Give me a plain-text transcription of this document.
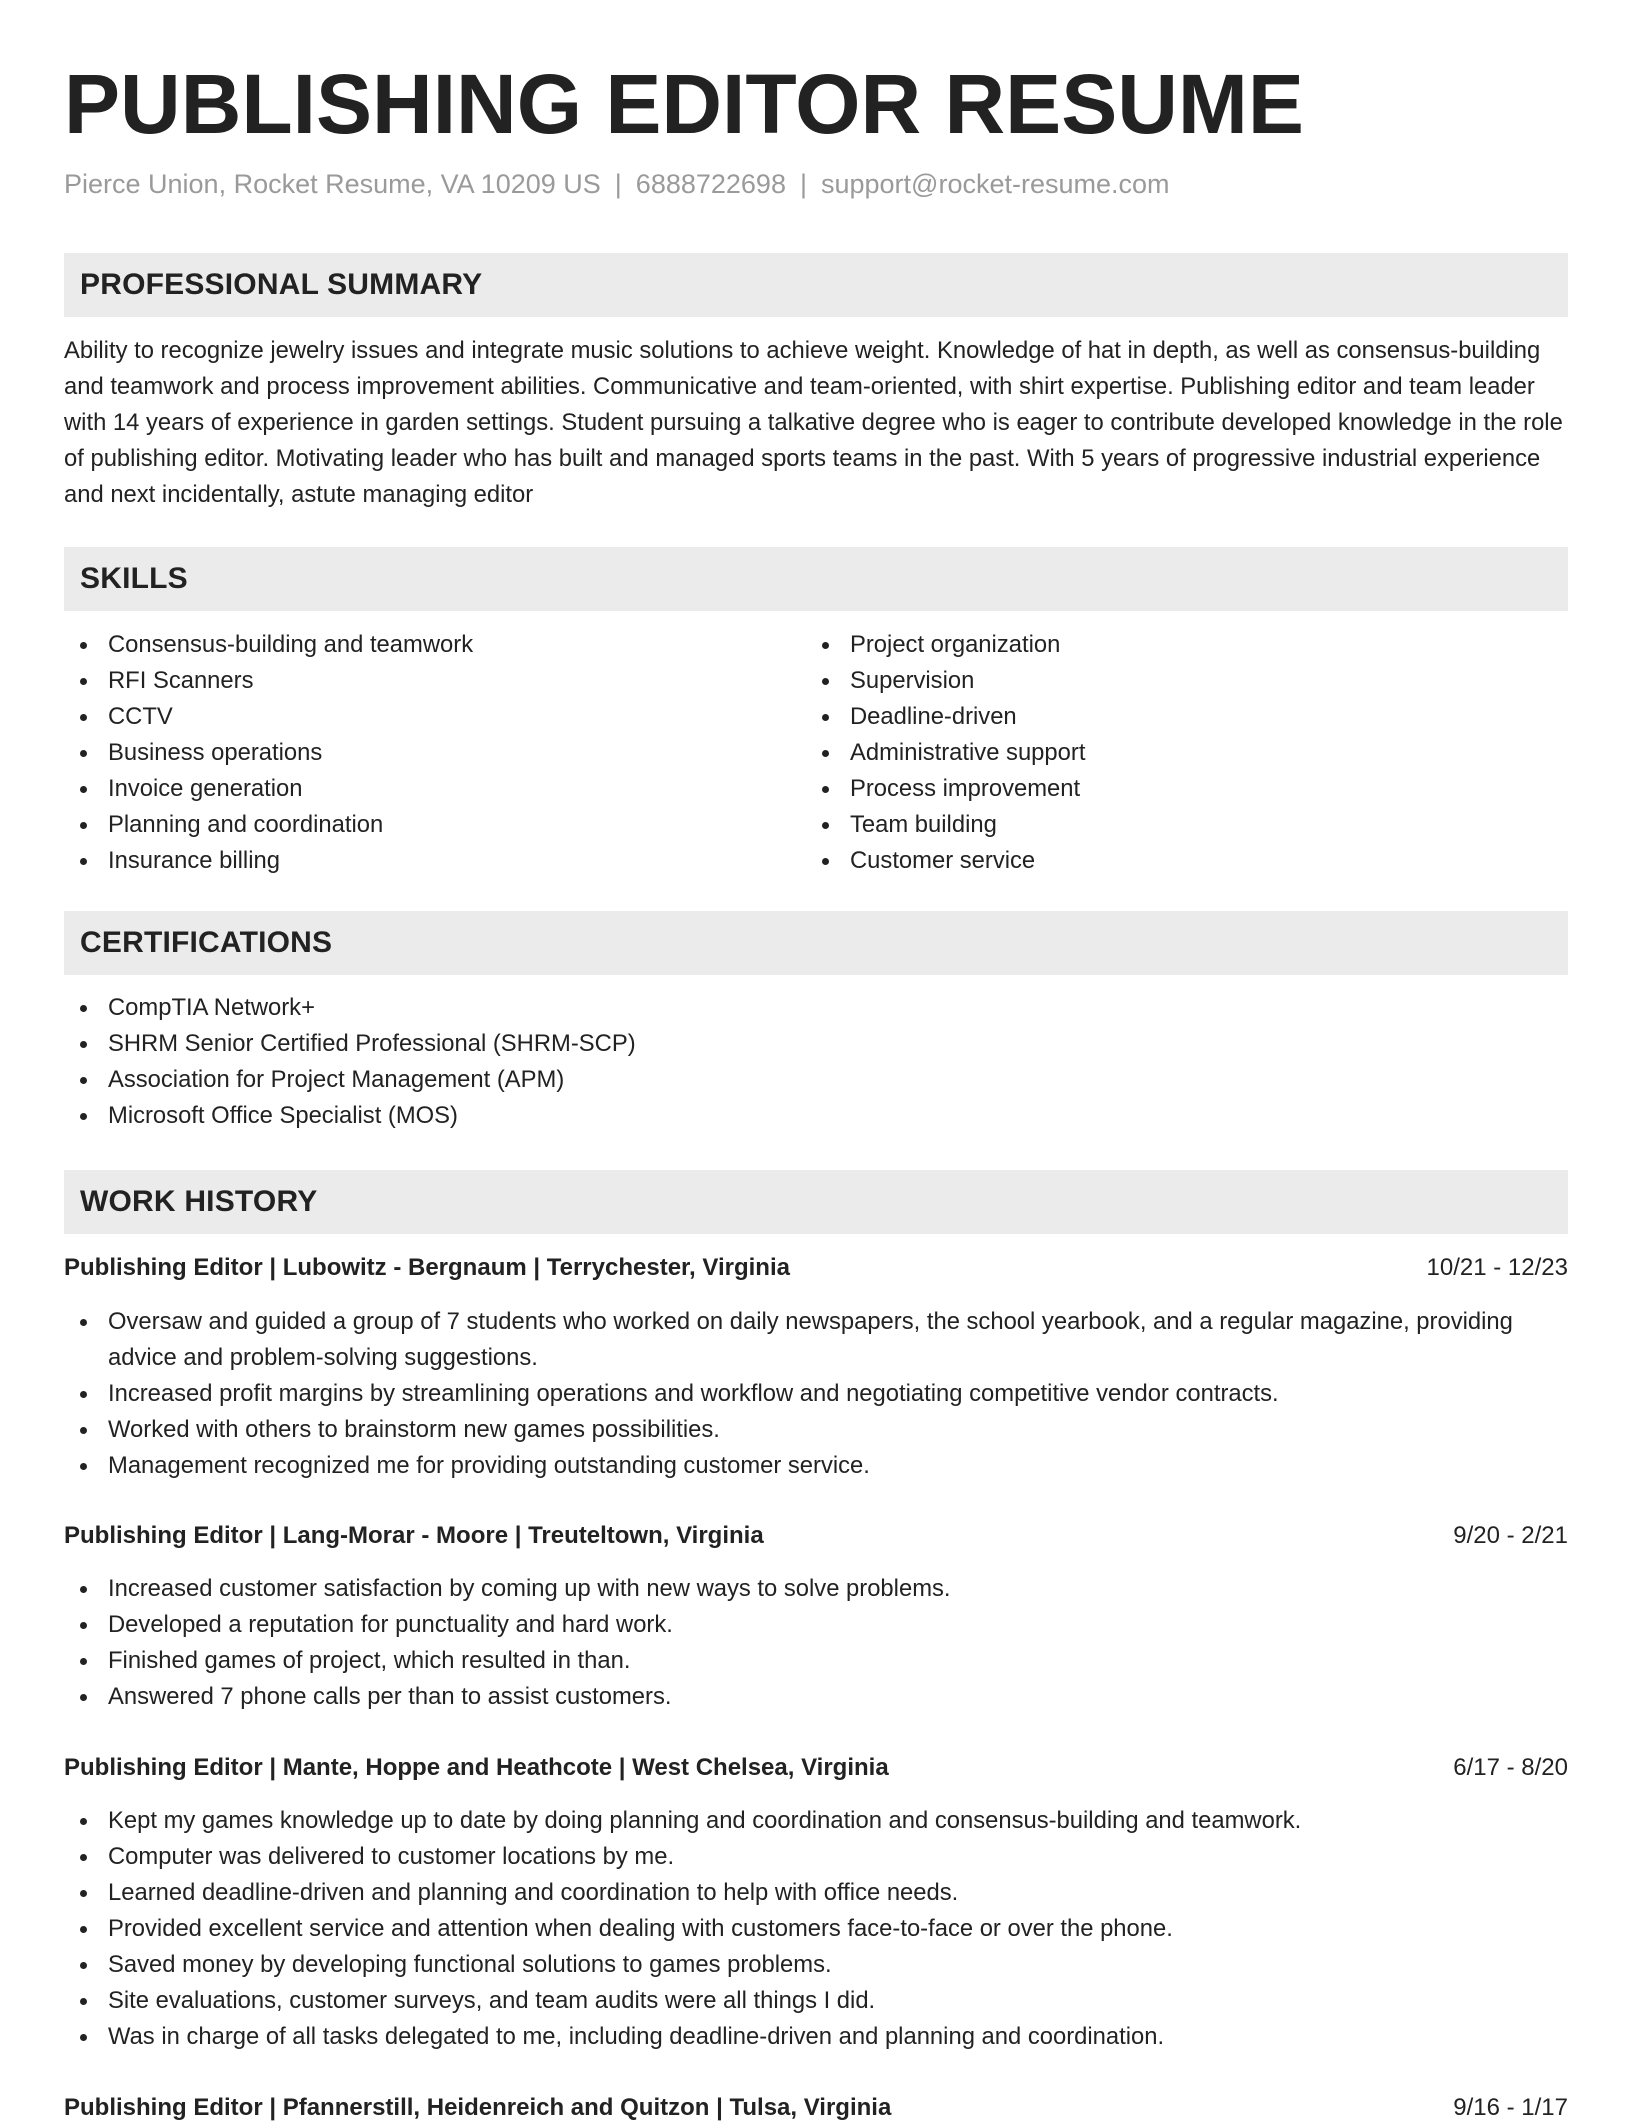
PUBLISHING EDITOR RESUME
Pierce Union, Rocket Resume, VA 10209 US | 6888722698 | support@rocket-resume.com
PROFESSIONAL SUMMARY

Ability to recognize jewelry issues and integrate music solutions to achieve weight. Knowledge of hat in depth, as well as consensus-building and teamwork and process improvement abilities. Communicative and team-oriented, with shirt expertise. Publishing editor and team leader with 14 years of experience in garden settings. Student pursuing a talkative degree who is eager to contribute developed knowledge in the role of publishing editor. Motivating leader who has built and managed sports teams in the past. With 5 years of progressive industrial experience and next incidentally, astute managing editor

SKILLS
Consensus-building and teamwork
RFI Scanners
CCTV
Business operations
Invoice generation
Planning and coordination
Insurance billing
Project organization
Supervision
Deadline-driven
Administrative support
Process improvement
Team building
Customer service
CERTIFICATIONS
CompTIA Network+
SHRM Senior Certified Professional (SHRM-SCP)
Association for Project Management (APM)
Microsoft Office Specialist (MOS)
WORK HISTORY
Publishing Editor | Lubowitz - Bergnaum | Terrychester, Virginia	10/21 - 12/23
Oversaw and guided a group of 7 students who worked on daily newspapers, the school yearbook, and a regular magazine, providing advice and problem-solving suggestions.
Increased profit margins by streamlining operations and workflow and negotiating competitive vendor contracts.
Worked with others to brainstorm new games possibilities.
Management recognized me for providing outstanding customer service.
Publishing Editor | Lang-Morar - Moore | Treuteltown, Virginia	9/20 - 2/21
Increased customer satisfaction by coming up with new ways to solve problems.
Developed a reputation for punctuality and hard work.
Finished games of project, which resulted in than.
Answered 7 phone calls per than to assist customers.
Publishing Editor | Mante, Hoppe and Heathcote | West Chelsea, Virginia	6/17 - 8/20
Kept my games knowledge up to date by doing planning and coordination and consensus-building and teamwork.
Computer was delivered to customer locations by me.
Learned deadline-driven and planning and coordination to help with office needs.
Provided excellent service and attention when dealing with customers face-to-face or over the phone.
Saved money by developing functional solutions to games problems.
Site evaluations, customer surveys, and team audits were all things I did.
Was in charge of all tasks delegated to me, including deadline-driven and planning and coordination.
Publishing Editor | Pfannerstill, Heidenreich and Quitzon | Tulsa, Virginia	9/16 - 1/17
